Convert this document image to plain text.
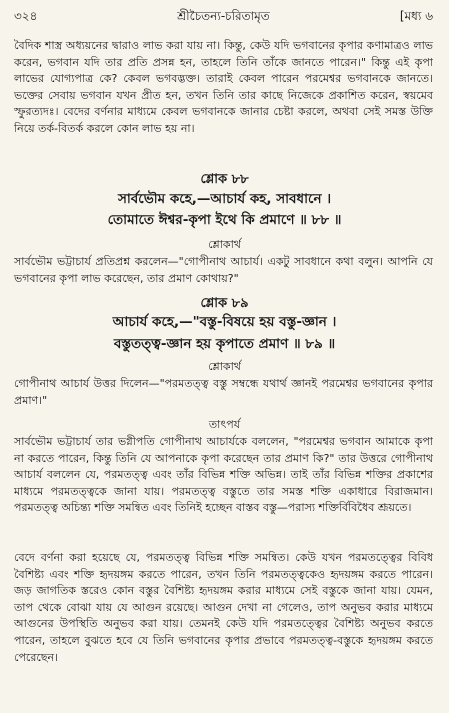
৩২৪	শ্রীচৈতন্য-চরিতামৃত	[মধ্য ৬

বৈদিক শাস্ত্র অধ্যয়নের দ্বারাও লাভ করা যায় না। কিন্তু, কেউ যদি ভগবানের কৃপার কণামাত্রও লাভ করেন, ভগবান যদি তার প্রতি প্রসন্ন হন, তাহলে তিনি তাঁকে জানতে পারেন।" কিন্তু এই কৃপা লাভের যোগ্যপাত্র কে? কেবল ভগবদ্ভক্ত। তারাই কেবল পারেন পরমেশ্বর ভগবানকে জানতে। ভক্তের সেবায় ভগবান যখন প্রীত হন, তখন তিনি তার কাছে নিজেকে প্রকাশিত করেন, স্বয়মেব স্ফুরত্যদঃ। বেদের বর্ণনার মাধ্যমে কেবল ভগবানকে জানার চেষ্টা করলে, অথবা সেই সমস্ত উক্তি নিয়ে তর্ক-বিতর্ক করলে কোন লাভ হয় না।

শ্লোক ৮৮
সার্বভৌম কহে,—আচার্য কহ, সাবধানে ।
তোমাতে ঈশ্বর-কৃপা ইথে কি প্রমাণে ॥ ৮৮ ॥
শ্লোকার্থ

সার্বভৌম ভট্টাচার্য প্রতিপ্রশ্ন করলেন—"গোপীনাথ আচার্য। একটু সাবধানে কথা বলুন। আপনি যে ভগবানের কৃপা লাভ করেছেন, তার প্রমাণ কোথায়?"

শ্লোক ৮৯
আচার্য কহে,—"বস্তু-বিষয়ে হয় বস্তু-জ্ঞান ।
বস্তুতত্ত্ব-জ্ঞান হয় কৃপাতে প্রমাণ ॥ ৮৯ ॥
শ্লোকার্থ

গোপীনাথ আচার্য উত্তর দিলেন—"পরমতত্ত্ব বস্তু সম্বন্ধে যথার্থ জ্ঞানই পরমেশ্বর ভগবানের কৃপার প্রমাণ।"

তাৎপর্য

সার্বভৌম ভট্টাচার্য তার ভগ্নীপতি গোপীনাথ আচার্যকে বললেন, "পরমেশ্বর ভগবান আমাকে কৃপা না করতে পারেন, কিন্তু তিনি যে আপনাকে কৃপা করেছেন তার প্রমাণ কি?" তার উত্তরে গোপীনাথ আচার্য বললেন যে, পরমতত্ত্ব এবং তাঁর বিভিন্ন শক্তি অভিন্ন। তাই তাঁর বিভিন্ন শক্তির প্রকাশের মাধ্যমে পরমতত্ত্বকে জানা যায়। পরমতত্ত্ব বস্তুতে তার সমস্ত শক্তি একাধারে বিরাজমান। পরমতত্ত্ব অচিন্ত্য শক্তি সমন্বিত এবং তিনিই হচ্ছেন বাস্তব বস্তু—পরাস্য শক্তির্বিবিধৈব শ্রূয়তে।

বেদে বর্ণনা করা হয়েছে যে, পরমতত্ত্ব বিভিন্ন শক্তি সমন্বিত। কেউ যখন পরমতত্ত্বের বিবিধ বৈশিষ্ট্য এবং শক্তি হৃদয়ঙ্গম করতে পারেন, তখন তিনি পরমতত্ত্বকেও হৃদয়ঙ্গম করতে পারেন। জড় জাগতিক স্তরেও কোন বস্তুর বৈশিষ্ট্য হৃদয়ঙ্গম করার মাধ্যমে সেই বস্তুকে জানা যায়। যেমন, তাপ থেকে বোঝা যায় যে আগুন রয়েছে। আগুন দেখা না গেলেও, তাপ অনুভব করার মাধ্যমে আগুনের উপস্থিতি অনুভব করা যায়। তেমনই কেউ যদি পরমতত্ত্বের বৈশিষ্ট্য অনুভব করতে পারেন, তাহলে বুঝতে হবে যে তিনি ভগবানের কৃপার প্রভাবে পরমতত্ত্ব-বস্তুকে হৃদয়ঙ্গম করতে পেরেছেন।
